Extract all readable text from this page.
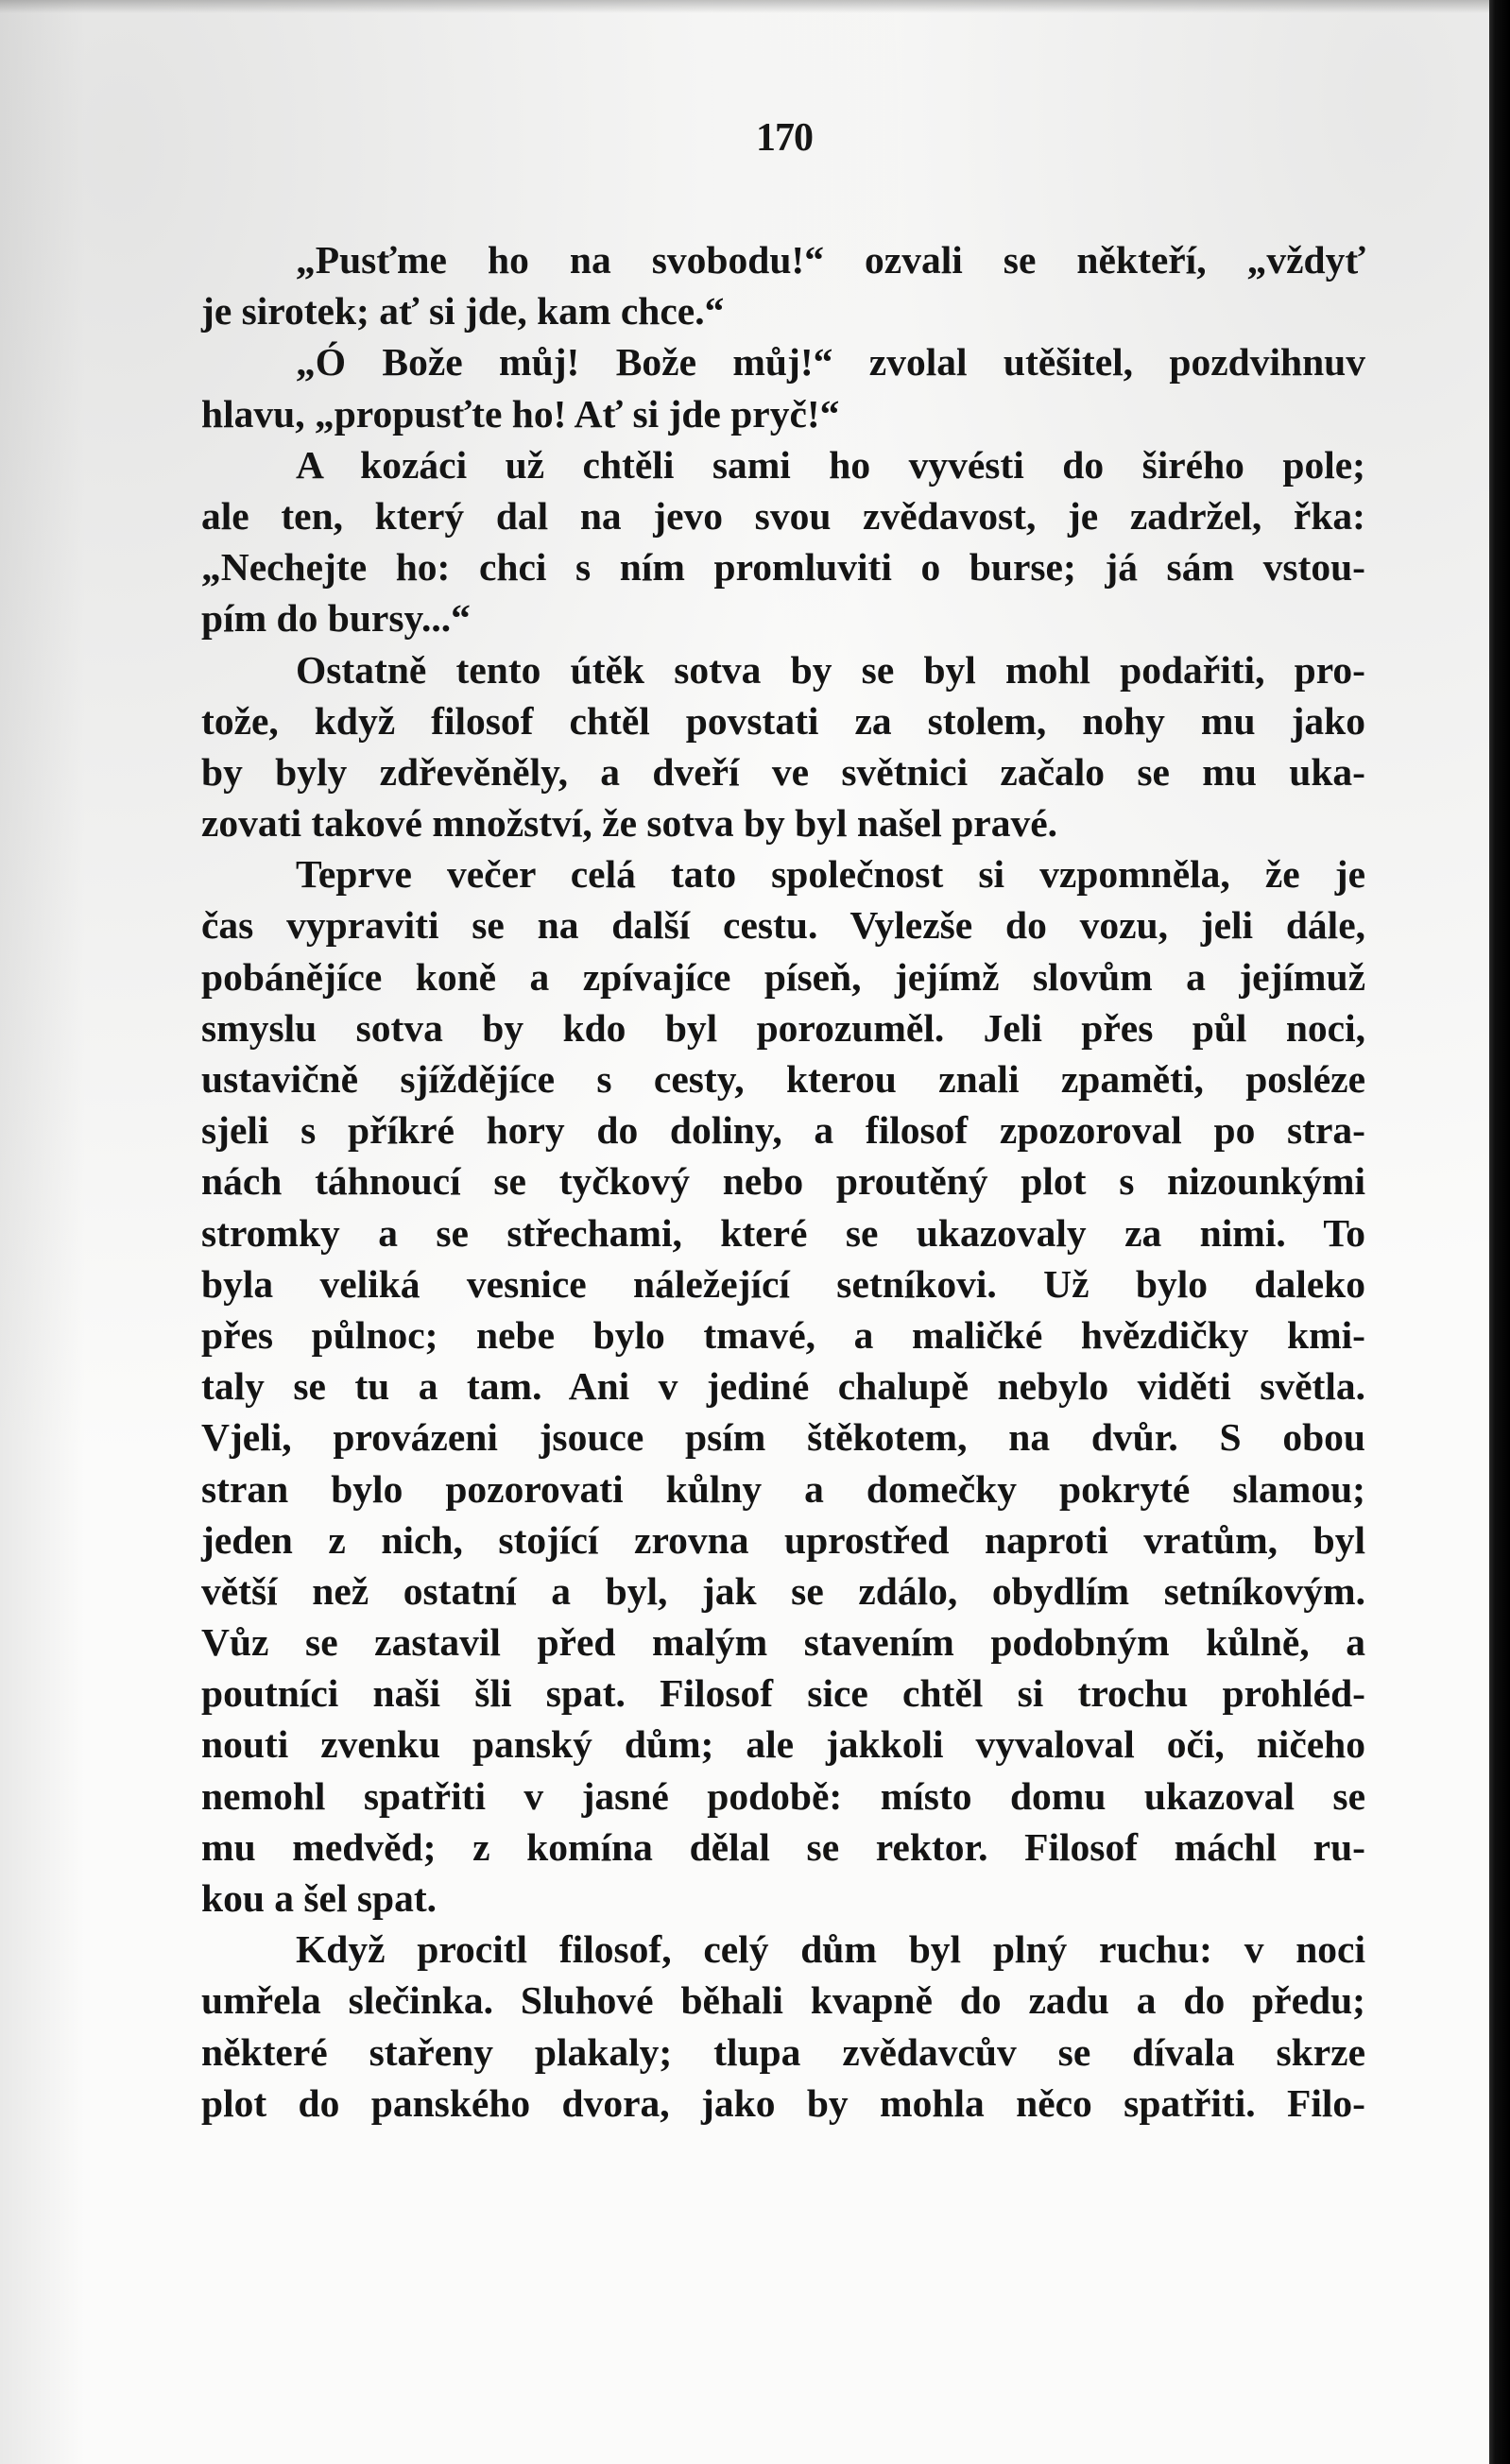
170
„Pusťme ho na svobodu!“ ozvali se někteří, „vždyť
je sirotek; ať si jde, kam chce.“
„Ó Bože můj! Bože můj!“ zvolal utěšitel, pozdvihnuv
hlavu, „propusťte ho! Ať si jde pryč!“
A kozáci už chtěli sami ho vyvésti do širého pole;
ale ten, který dal na jevo svou zvědavost, je zadržel, řka:
„Nechejte ho: chci s ním promluviti o burse; já sám vstou-
pím do bursy...“
Ostatně tento útěk sotva by se byl mohl podařiti, pro-
tože, když filosof chtěl povstati za stolem, nohy mu jako
by byly zdřevěněly, a dveří ve světnici začalo se mu uka-
zovati takové množství, že sotva by byl našel pravé.
Teprve večer celá tato společnost si vzpomněla, že je
čas vypraviti se na další cestu. Vylezše do vozu, jeli dále,
pobánějíce koně a zpívajíce píseň, jejímž slovům a jejímuž
smyslu sotva by kdo byl porozuměl. Jeli přes půl noci,
ustavičně sjíždějíce s cesty, kterou znali zpaměti, posléze
sjeli s příkré hory do doliny, a filosof zpozoroval po stra-
nách táhnoucí se tyčkový nebo proutěný plot s nizounkými
stromky a se střechami, které se ukazovaly za nimi. To
byla veliká vesnice náležející setníkovi. Už bylo daleko
přes půlnoc; nebe bylo tmavé, a maličké hvězdičky kmi-
taly se tu a tam. Ani v jediné chalupě nebylo viděti světla.
Vjeli, provázeni jsouce psím štěkotem, na dvůr. S obou
stran bylo pozorovati kůlny a domečky pokryté slamou;
jeden z nich, stojící zrovna uprostřed naproti vratům, byl
větší než ostatní a byl, jak se zdálo, obydlím setníkovým.
Vůz se zastavil před malým stavením podobným kůlně, a
poutníci naši šli spat. Filosof sice chtěl si trochu prohléd-
nouti zvenku panský dům; ale jakkoli vyvaloval oči, ničeho
nemohl spatřiti v jasné podobě: místo domu ukazoval se
mu medvěd; z komína dělal se rektor. Filosof máchl ru-
kou a šel spat.
Když procitl filosof, celý dům byl plný ruchu: v noci
umřela slečinka. Sluhové běhali kvapně do zadu a do předu;
některé stařeny plakaly; tlupa zvědavcův se dívala skrze
plot do panského dvora, jako by mohla něco spatřiti. Filo-
